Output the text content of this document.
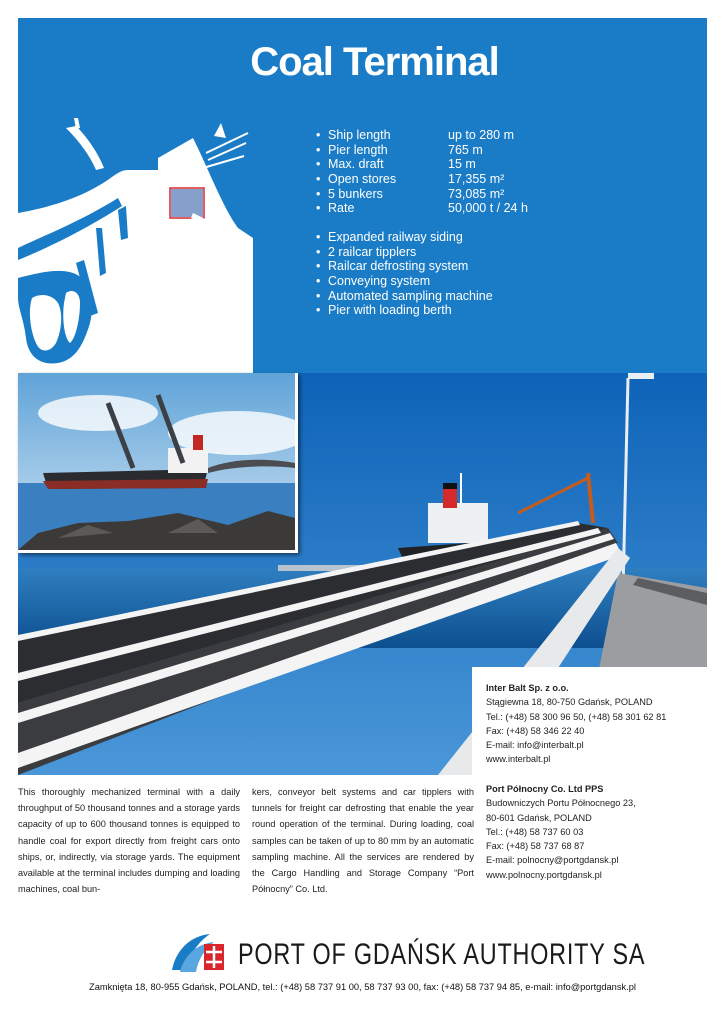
Coal Terminal
• Ship length	up to 280 m
• Pier length	765 m
• Max. draft	15 m
• Open stores	17,355 m²
• 5 bunkers	73,085 m²
• Rate	50,000 t / 24 h
• Expanded railway siding
• 2 railcar tipplers
• Railcar defrosting system
• Conveying system
• Automated sampling machine
• Pier with loading berth
Inter Balt Sp. z o.o.
Stągiewna 18, 80-750 Gdańsk, POLAND
Tel.: (+48) 58 300 96 50, (+48) 58 301 62 81
Fax: (+48) 58 346 22 40
E-mail: info@interbalt.pl
www.interbalt.pl
Port Północny Co. Ltd PPS
Budowniczych Portu Północnego 23,
80-601 Gdańsk, POLAND
Tel.: (+48) 58 737 60 03
Fax: (+48) 58 737 68 87
E-mail: polnocny@portgdansk.pl
www.polnocny.portgdansk.pl
This thoroughly mechanized terminal with a daily throughput of 50 thousand tonnes and a storage yards capacity of up to 600 thousand tonnes is equipped to handle coal for export directly from freight cars onto ships, or, indirectly, via storage yards. The equipment available at the terminal includes dumping and loading machines, coal bun-
kers, conveyor belt systems and car tipplers with tunnels for freight car defrosting that enable the year round operation of the terminal. During loading, coal samples can be taken of up to 80 mm by an automatic sampling machine. All the services are rendered by the Cargo Handling and Storage Company “Port Północny” Co. Ltd.
PORT OF GDAŃSK AUTHORITY SA
Zamknięta 18, 80-955 Gdańsk, POLAND, tel.: (+48) 58 737 91 00, 58 737 93 00, fax: (+48) 58 737 94 85, e-mail: info@portgdansk.pl
